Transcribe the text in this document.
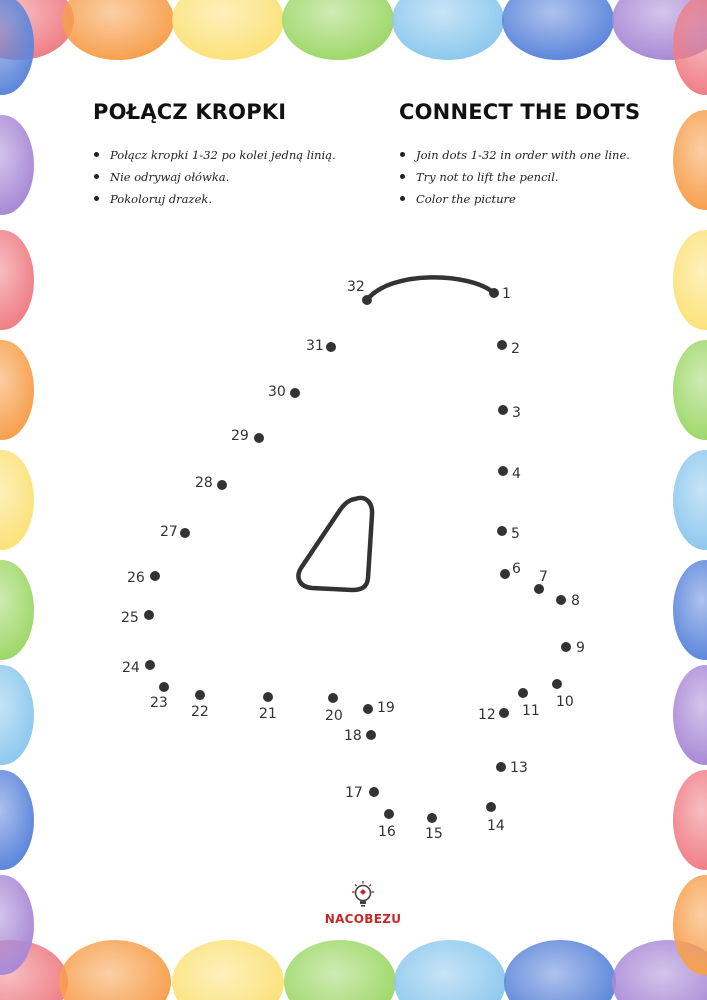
POŁĄCZ KROPKI	CONNECT THE DOTS
Połącz kropki 1-32 po kolei jedną linią.
Nie odrywaj ołówka.
Pokoloruj drazek.
Join dots 1-32 in order with one line.
Try not to lift the pencil.
Color the picture
1
2
3
4
5
6 7
8
9
10
11
12
13
14
15
16
17
18
19
20
21
22
23
24
25
26
27
28
29
30
31
32
NACOBEZU
